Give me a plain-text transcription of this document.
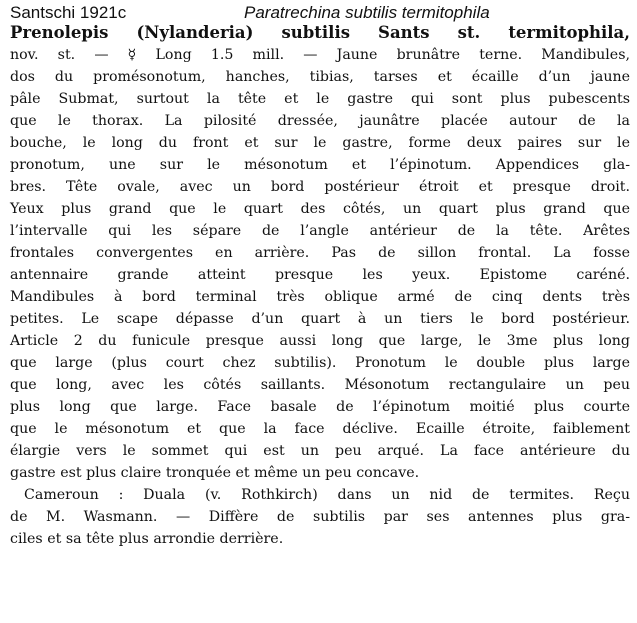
Santschi 1921c	Paratrechina subtilis termitophila
Prenolepis (Nylanderia) subtilis Sants st. termitophila,
nov. st. — ☿ Long 1.5 mill. — Jaune brunâtre terne. Mandibules,
dos du promésonotum, hanches, tibias, tarses et écaille d’un jaune
pâle Submat, surtout la tête et le gastre qui sont plus pubescents
que le thorax. La pilosité dressée, jaunâtre placée autour de la
bouche, le long du front et sur le gastre, forme deux paires sur le
pronotum, une sur le mésonotum et l’épinotum. Appendices gla-
bres. Tête ovale, avec un bord postérieur étroit et presque droit.
Yeux plus grand que le quart des côtés, un quart plus grand que
l’intervalle qui les sépare de l’angle antérieur de la tête. Arêtes
frontales convergentes en arrière. Pas de sillon frontal. La fosse
antennaire grande atteint presque les yeux. Epistome caréné.
Mandibules à bord terminal très oblique armé de cinq dents très
petites. Le scape dépasse d’un quart à un tiers le bord postérieur.
Article 2 du funicule presque aussi long que large, le 3me plus long
que large (plus court chez subtilis). Pronotum le double plus large
que long, avec les côtés saillants. Mésonotum rectangulaire un peu
plus long que large. Face basale de l’épinotum moitié plus courte
que le mésonotum et que la face déclive. Ecaille étroite, faiblement
élargie vers le sommet qui est un peu arqué. La face antérieure du
gastre est plus claire tronquée et même un peu concave.
Cameroun : Duala (v. Rothkirch) dans un nid de termites. Reçu
de M. Wasmann. — Diffère de subtilis par ses antennes plus gra-
ciles et sa tête plus arrondie derrière.
